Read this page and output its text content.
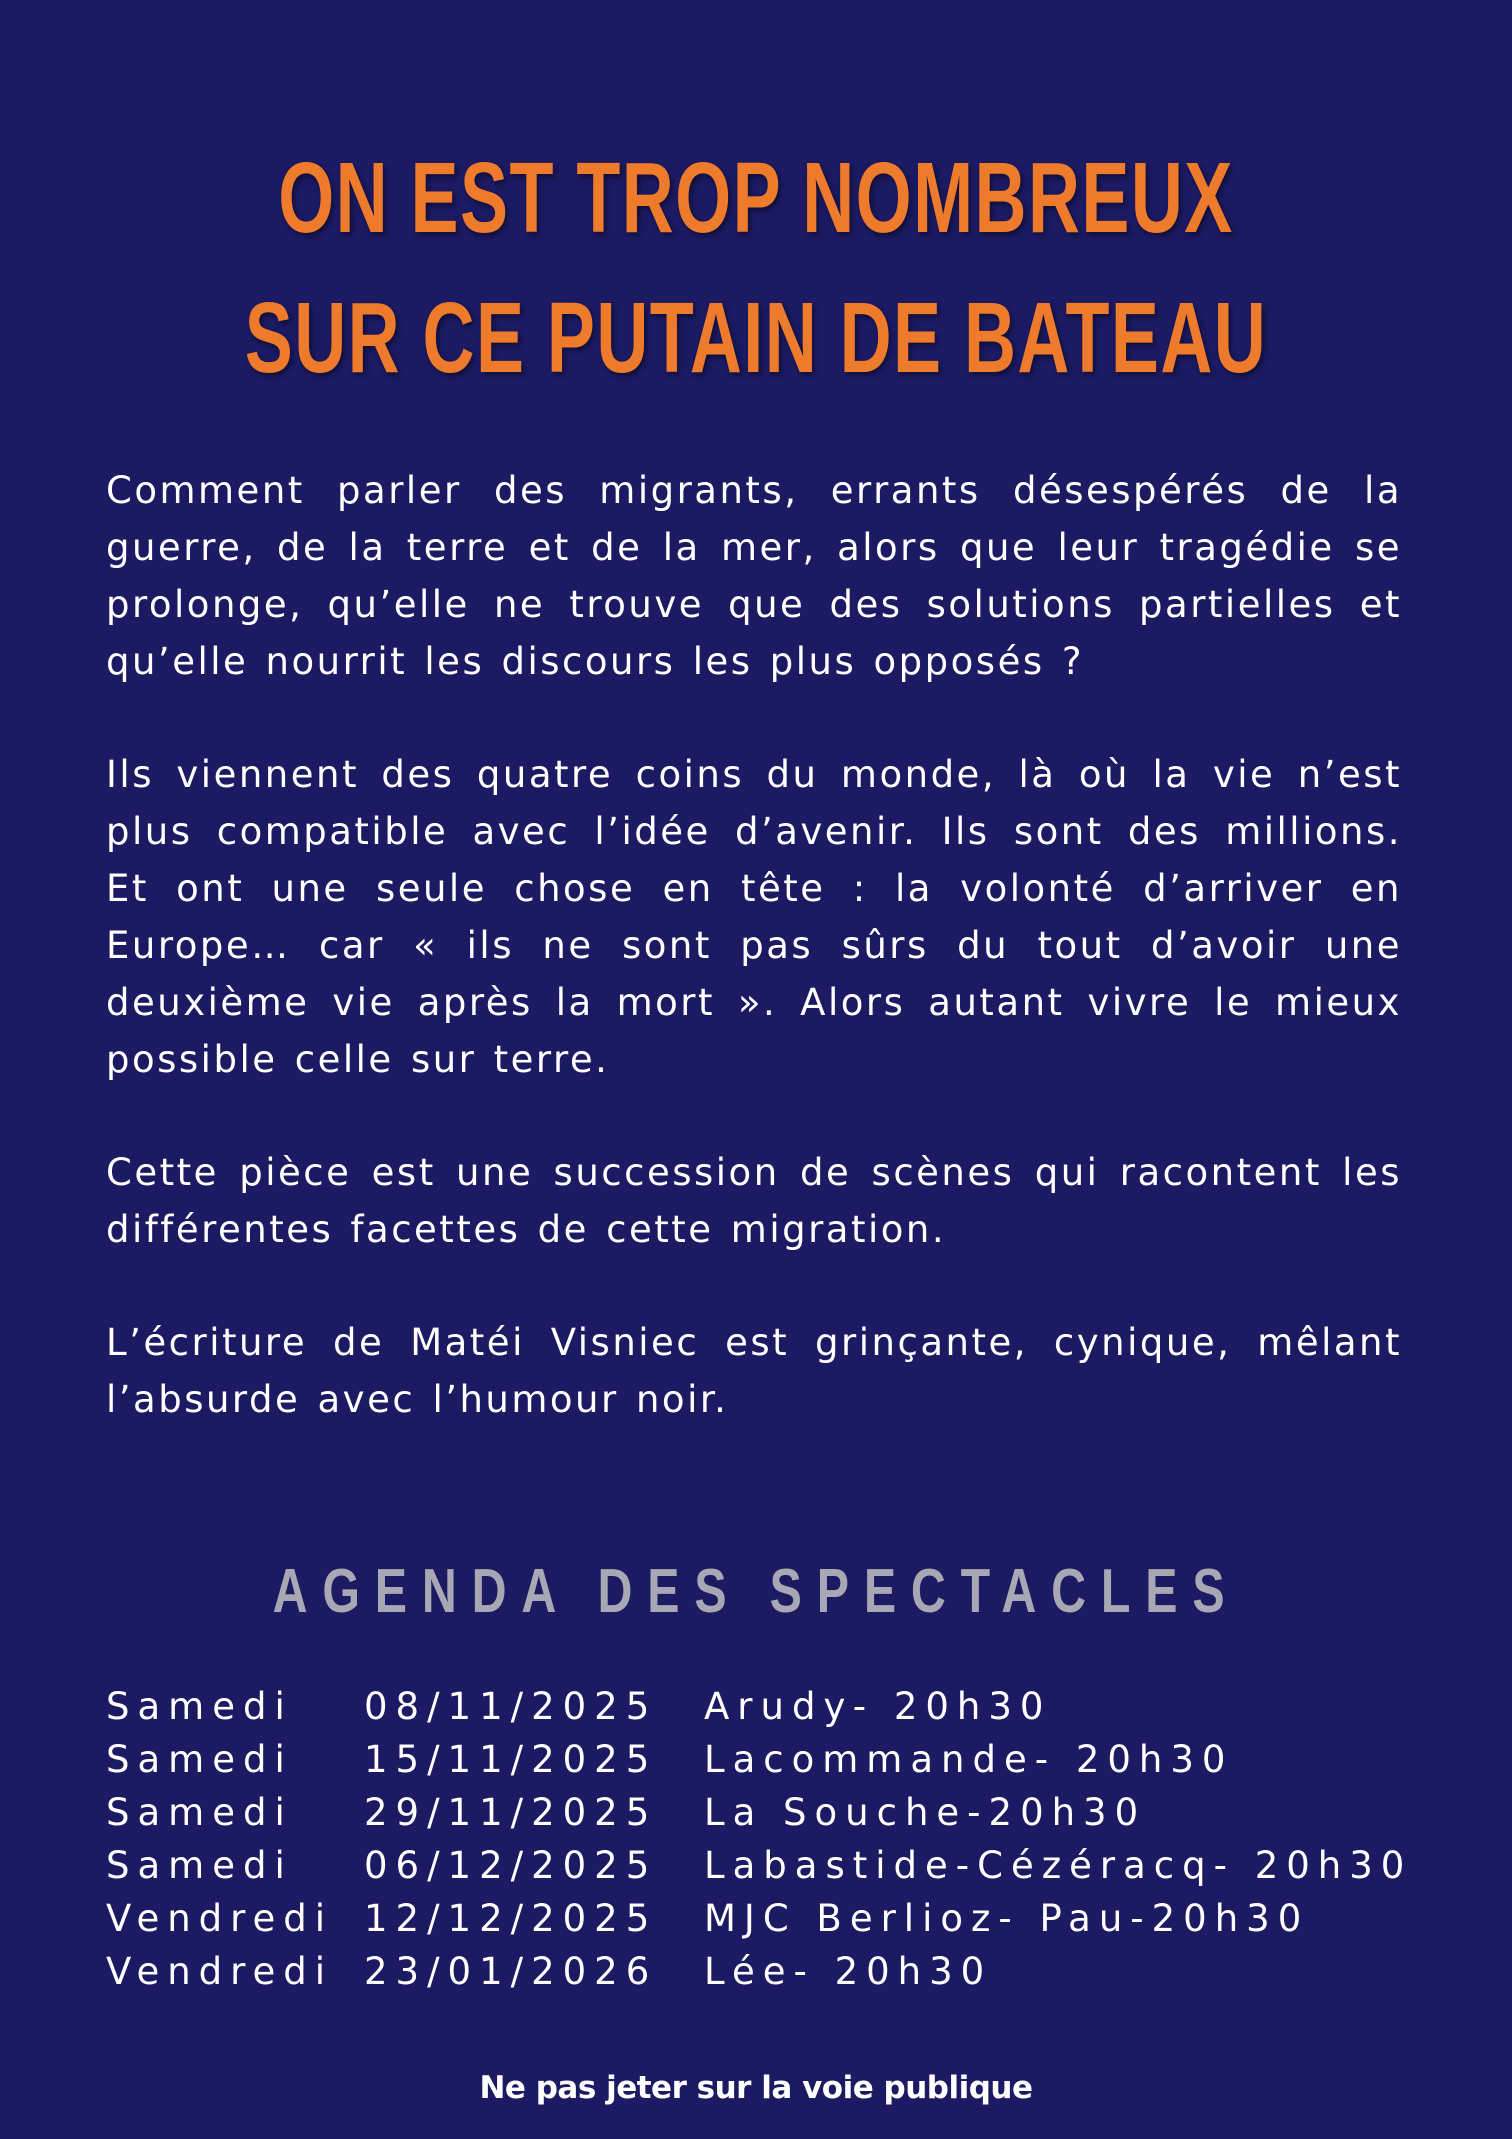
ON EST TROP NOMBREUX
SUR CE PUTAIN DE BATEAU

Comment parler des migrants, errants désespérés de la guerre, de la terre et de la mer, alors que leur tragédie se prolonge, qu’elle ne trouve que des solutions partielles et qu’elle nourrit les discours les plus opposés ?

Ils viennent des quatre coins du monde, là où la vie n’est plus compatible avec l’idée d’avenir. Ils sont des millions. Et ont une seule chose en tête : la volonté d’arriver en Europe… car « ils ne sont pas sûrs du tout d’avoir une deuxième vie après la mort ». Alors autant vivre le mieux possible celle sur terre.

Cette pièce est une succession de scènes qui racontent les différentes facettes de cette migration.

L’écriture de Matéi Visniec est grinçante, cynique, mêlant l’absurde avec l’humour noir.

AGENDA DES SPECTACLES
Samedi 08/11/2025 Arudy- 20h30
Samedi 15/11/2025 Lacommande- 20h30
Samedi 29/11/2025 La Souche-20h30
Samedi 06/12/2025 Labastide-Cézéracq- 20h30
Vendredi 12/12/2025 MJC Berlioz- Pau-20h30
Vendredi 23/01/2026 Lée- 20h30
Ne pas jeter sur la voie publique
